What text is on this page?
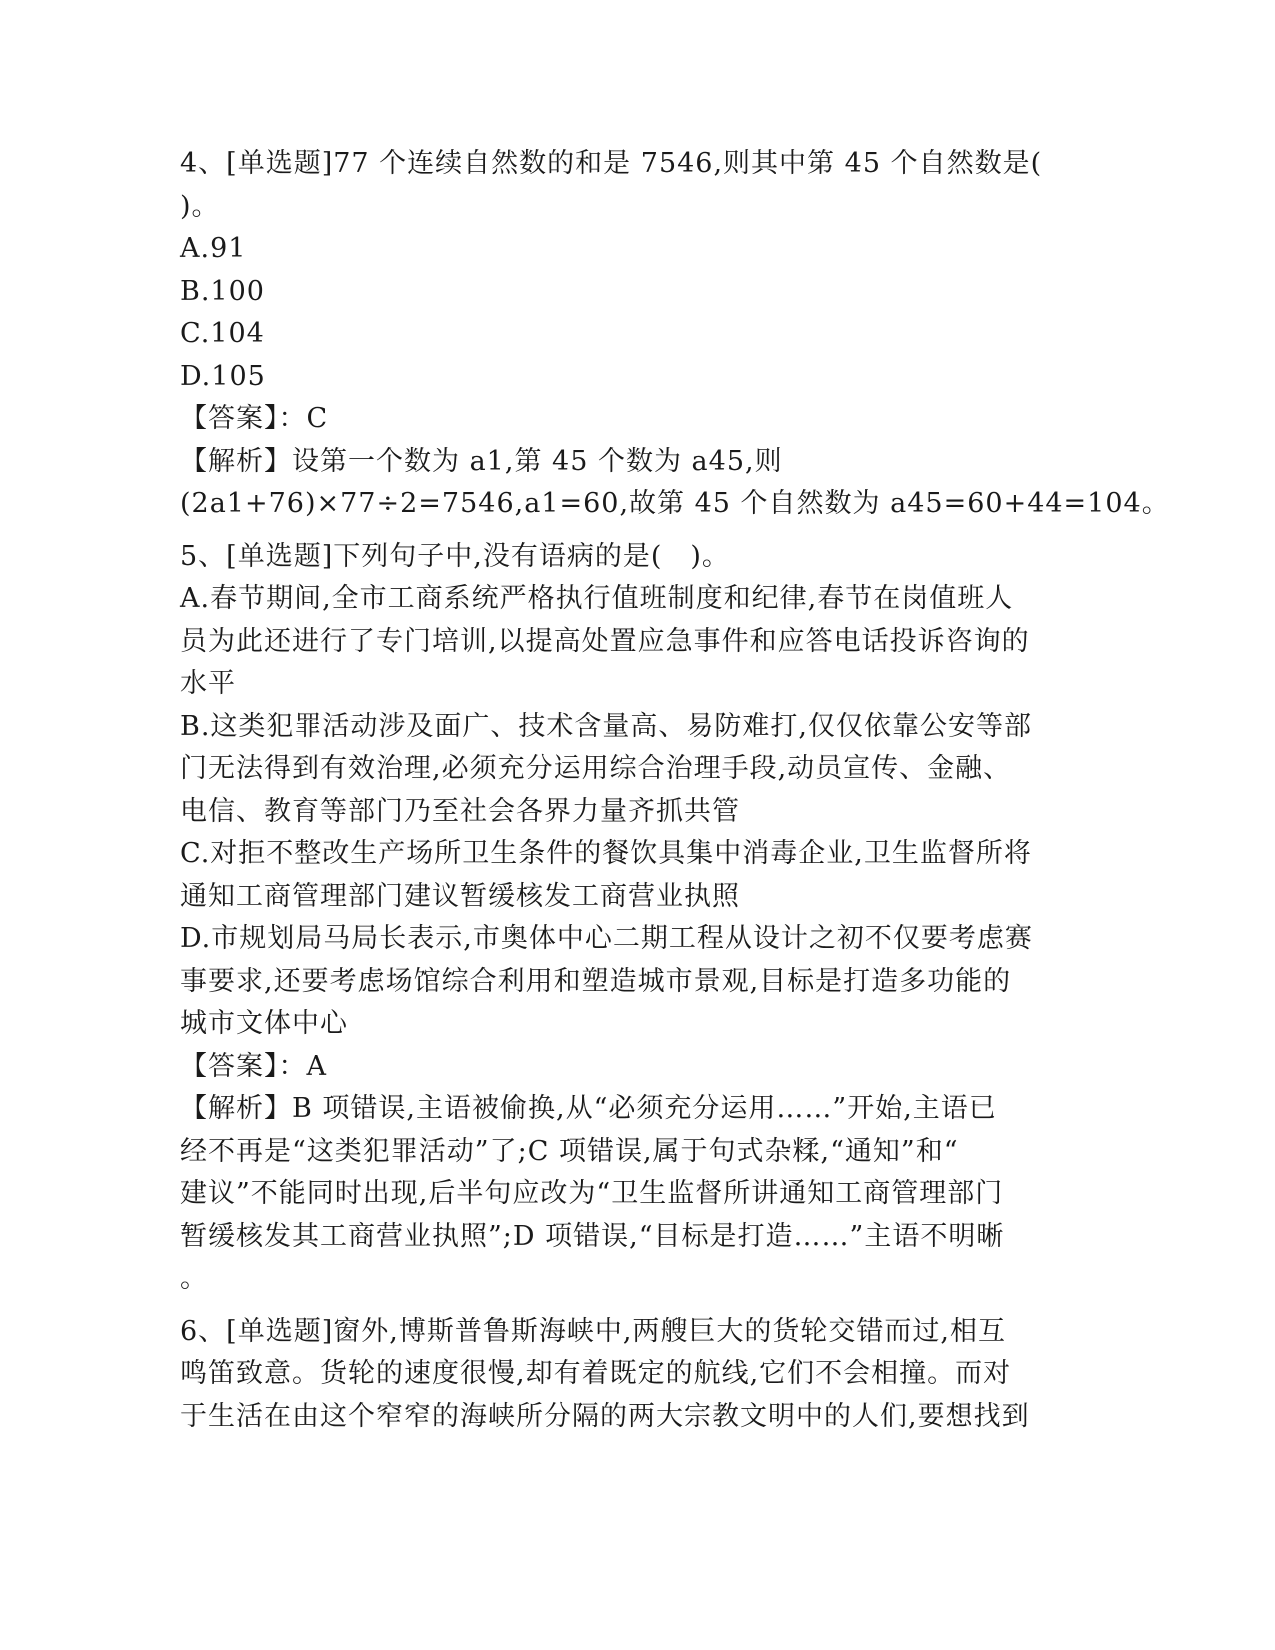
4、[单选题]77 个连续自然数的和是 7546,则其中第 45 个自然数是(
)。
A.91
B.100
C.104
D.105
【答案】：C
【解析】设第一个数为 a1,第 45 个数为 a45,则
(2a1+76)×77÷2=7546,a1=60,故第 45 个自然数为 a45=60+44=104。
5、[单选题]下列句子中,没有语病的是(　)。
A.春节期间,全市工商系统严格执行值班制度和纪律,春节在岗值班人
员为此还进行了专门培训,以提高处置应急事件和应答电话投诉咨询的
水平
B.这类犯罪活动涉及面广、技术含量高、易防难打,仅仅依靠公安等部
门无法得到有效治理,必须充分运用综合治理手段,动员宣传、金融、
电信、教育等部门乃至社会各界力量齐抓共管
C.对拒不整改生产场所卫生条件的餐饮具集中消毒企业,卫生监督所将
通知工商管理部门建议暂缓核发工商营业执照
D.市规划局马局长表示,市奥体中心二期工程从设计之初不仅要考虑赛
事要求,还要考虑场馆综合利用和塑造城市景观,目标是打造多功能的
城市文体中心
【答案】：A
【解析】B 项错误,主语被偷换,从“必须充分运用……”开始,主语已
经不再是“这类犯罪活动”了;C 项错误,属于句式杂糅,“通知”和“
建议”不能同时出现,后半句应改为“卫生监督所讲通知工商管理部门
暂缓核发其工商营业执照”;D 项错误,“目标是打造……”主语不明晰
。
6、[单选题]窗外,博斯普鲁斯海峡中,两艘巨大的货轮交错而过,相互
鸣笛致意。货轮的速度很慢,却有着既定的航线,它们不会相撞。而对
于生活在由这个窄窄的海峡所分隔的两大宗教文明中的人们,要想找到
